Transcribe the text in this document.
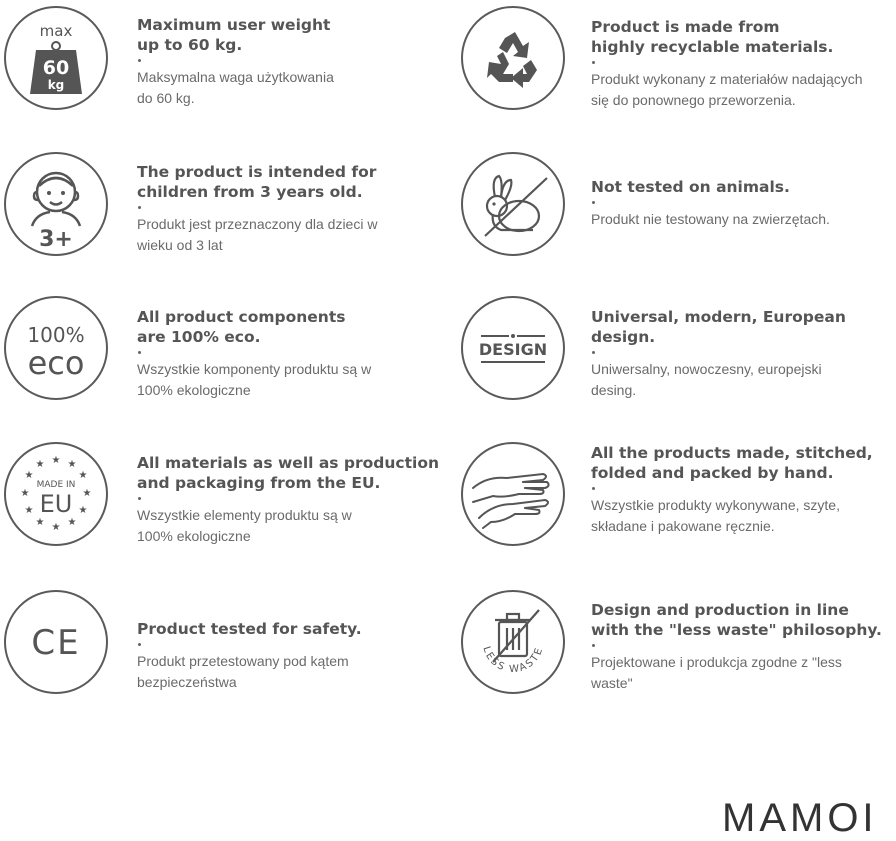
max
60
kg

Maximum user weight
up to 60 kg.

Maksymalna waga użytkowania
do 60 kg.

Product is made from
highly recyclable materials.

Produkt wykonany z materiałów nadających
się do ponownego przeworzenia.

3+

The product is intended for
children from 3 years old.

Produkt jest przeznaczony dla dzieci w
wieku od 3 lat

Not tested on animals.

Produkt nie testowany na zwierzętach.

100%
eco

All product components
are 100% eco.

Wszystkie komponenty produktu są w
100% ekologiczne

DESIGN

Universal, modern, European
design.

Uniwersalny, nowoczesny, europejski
desing.

★ ★
★
★
★
★
★
★
★
★
★
★
MADE IN
EU

All materials as well as production
and packaging from the EU.

Wszystkie elementy produktu są w
100% ekologiczne

All the products made, stitched,
folded and packed by hand.

Wszystkie produkty wykonywane, szyte,
składane i pakowane ręcznie.

CE	Product tested for safety.

Produkt przetestowany pod kątem
bezpieczeństwa

LESS WASTE

Design and production in line
with the "less waste" philosophy.

Projektowane i produkcja zgodne z "less
waste"

MAMOI
